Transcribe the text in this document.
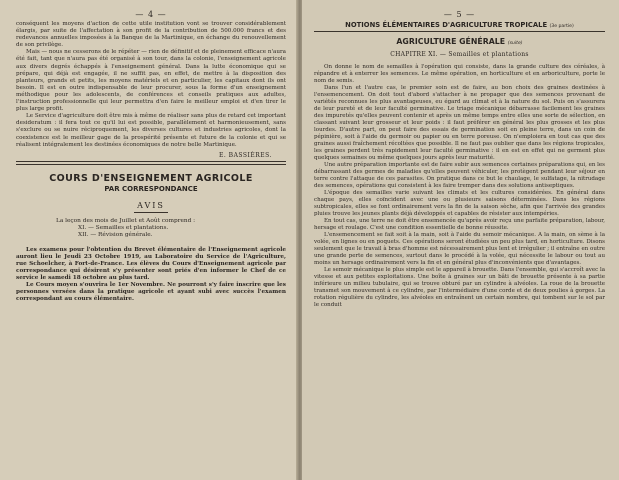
— 4 —

conséquent les moyens d'action de cette utile institution vont se trouver considérablement élargis, par suite de l'affectation à son profit de la contribution de 500.000 francs et des redevances annuelles imposées à la Banque de la Martinique, en échange du renouvellement de son privilège.

Mais — nous ne cesserons de le répéter — rien de définitif et de pleinement efficace n'aura été fait, tant que n'aura pas été organisé à son tour, dans la colonie, l'enseignement agricole aux divers degrés échappés à l'enseignement général. Dans la lutte économique qui se prépare, qui déjà est engagée, il ne suffit pas, en effet, de mettre à la disposition des planteurs, grands et petits, les moyens matériels et en particulier, les capitaux dont ils ont besoin. Il est en outre indispensable de leur procurer, sous la forme d'un enseignement méthodique pour les adolescents, de conférences et conseils pratiques aux adultes, l'instruction professionnelle qui leur permettra d'en faire le meilleur emploi et d'en tirer le plus large profit.

Le Service d'agriculture doit être mis à même de réaliser sans plus de retard cet important desideratum : il fera tout ce qu'il lui est possible, parallèlement et harmonieusement, sans s'exclure ou se nuire réciproquement, les diverses cultures et industries agricoles, dont la coexistence est le meilleur gage de la prospérité présente et future de la colonie et qui se réalisent intégralement les destinées économiques de notre belle Martinique.

E. BASSIÈRES.
COURS D'ENSEIGNEMENT AGRICOLE
PAR CORRESPONDANCE
AVIS
La leçon des mois de Juillet et Août comprend :
XI. — Semailles et plantations.
XII. — Révision générale.

Les examens pour l'obtention du Brevet élémentaire de l'Enseignement agricole auront lieu le Jeudi 23 Octobre 1919, au Laboratoire du Service de l'Agriculture, rue Schoelcher, à Fort-de-France. Les élèves du Cours d'Enseignement agricole par correspondance qui désirent s'y présenter sont priés d'en informer le Chef de ce service le samedi 18 octobre au plus tard.

Le Cours moyen s'ouvrira le 1er Novembre. Ne pourront s'y faire inscrire que les personnes versées dans la pratique agricole et ayant subi avec succès l'examen correspondant au cours élémentaire.

— 5 —
NOTIONS ÉLÉMENTAIRES D'AGRICULTURE TROPICALE (3e partie)
AGRICULTURE GÉNÉRALE (suite)
CHAPITRE XI. — Semailles et plantations

On donne le nom de semailles à l'opération qui consiste, dans la grande culture des céréales, à répandre et à enterrer les semences. Le même opération, en horticulture et en arboriculture, porte le nom de semis.

Dans l'un et l'autre cas, le premier soin est de faire, au bon choix des graines destinées à l'ensemencement. On doit tout d'abord s'attacher à ne propager que des semences provenant de variétés reconnues les plus avantageuses, eu égard au climat et à la nature du sol. Puis on s'assurera de leur pureté et de leur faculté germinative. Le triage mécanique débarrasse facilement les graines des impuretés qu'elles peuvent contenir et après un même temps entre elles une sorte de sélection, en classant suivant leur grosseur et leur poids : il faut préférer en général les plus grosses et les plus lourdes. D'autre part, on peut faire des essais de germination soit en pleine terre, dans un coin de pépinière, soit à l'aide du germoir ou papier ou en terre poreuse. On n'emploiera en tout cas que des graines aussi fraîchement récoltées que possible. Il ne faut pas oublier que dans les régions tropicales, les graines perdent très rapidement leur faculté germinative : il en est en effet qui ne germent plus quelques semaines ou même quelques jours après leur maturité.

Une autre préparation importante est de faire subir aux semences certaines préparations qui, en les débarrassant des germes de maladies qu'elles peuvent véhiculer, les protègent pendant leur séjour en terre contre l'attaque de ces parasites. On pratique dans ce but le chaulage, le sulfatage, la nitrudage des semences, opérations qui consistent à les faire tremper dans des solutions antiseptiques.

L'époque des semailles varie suivant les climats et les cultures considérées. En général dans chaque pays, elles coïncident avec une ou plusieurs saisons déterminées. Dans les régions subtropicales, elles se font ordinairement vers la fin de la saison sèche, afin que l'arrivée des grandes pluies trouve les jeunes plants déjà développés et capables de résister aux intempéries.

En tout cas, une terre ne doit être ensemencée qu'après avoir reçu une parfaite préparation, labour, hersage et roulage. C'est une condition essentielle de bonne réussite.

L'ensemencement se fait soit à la main, soit à l'aide du semoir mécanique. A la main, on sème à la volée, en lignes ou en poquets. Ces opérations seront étudiées un peu plus tard, en horticulture. Disons seulement que le travail à bras d'homme est nécessairement plus lent et irrégulier ; il entraîne en outre une grande perte de semences, surtout dans le procédé à la volée, qui nécessite le labour ou tout au moins un hersage ordinairement vers la fin et en général plus d'inconvénients que d'avantages.

Le semoir mécanique le plus simple est le appareil à brouette. Dans l'ensemble, qui s'accroît avec la vitesse et aux petites exploitations. Une boîte à graines sur un bâti de brouette présente à sa partie inférieure un milieu tubulaire, qui se trouve obturé par un cylindre à alvéoles. La roue de la brouette transmet son mouvement à ce cylindre, par l'intermédiaire d'une corde et de deux poulies à gorges. La rotation régulière du cylindre, les alvéoles en entraînent un certain nombre, qui tombent sur le sol par le conduit
